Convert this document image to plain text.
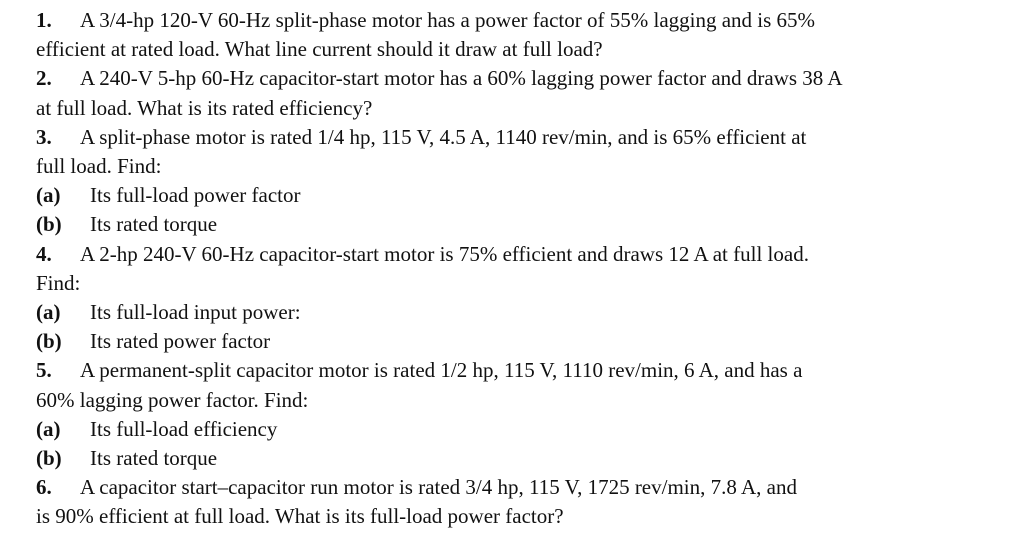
1. A 3/4-hp 120-V 60-Hz split-phase motor has a power factor of 55% lagging and is 65%
efficient at rated load. What line current should it draw at full load?
2. A 240-V 5-hp 60-Hz capacitor-start motor has a 60% lagging power factor and draws 38 A
at full load. What is its rated efficiency?
3. A split-phase motor is rated 1/4 hp, 115 V, 4.5 A, 1140 rev/min, and is 65% efficient at
full load. Find:
(a) Its full-load power factor
(b) Its rated torque
4. A 2-hp 240-V 60-Hz capacitor-start motor is 75% efficient and draws 12 A at full load.
Find:
(a) Its full-load input power:
(b) Its rated power factor
5. A permanent-split capacitor motor is rated 1/2 hp, 115 V, 1110 rev/min, 6 A, and has a
60% lagging power factor. Find:
(a) Its full-load efficiency
(b) Its rated torque
6. A capacitor start–capacitor run motor is rated 3/4 hp, 115 V, 1725 rev/min, 7.8 A, and
is 90% efficient at full load. What is its full-load power factor?
